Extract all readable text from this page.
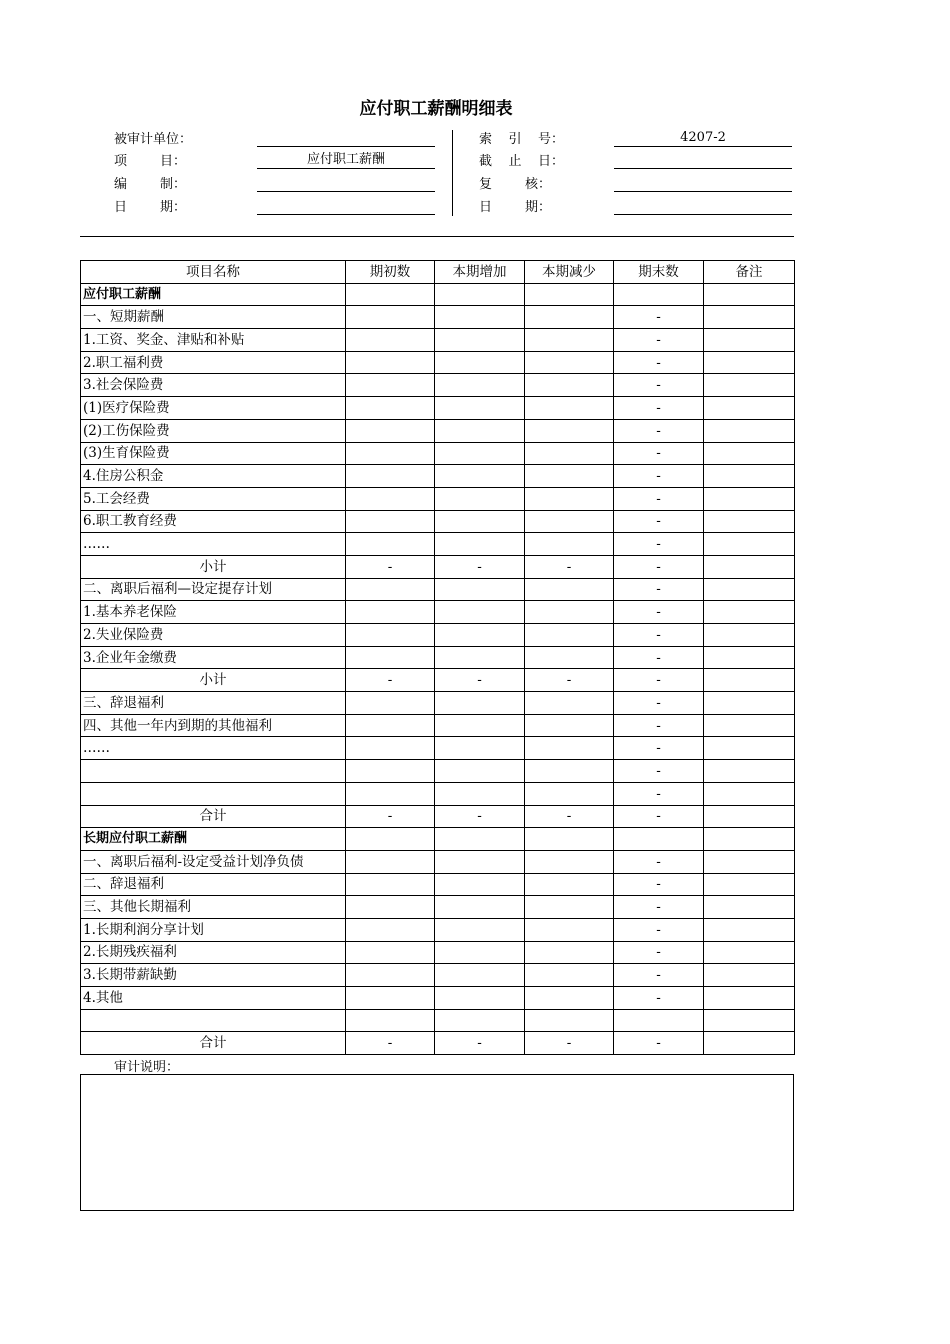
应付职工薪酬明细表
被审计单位：
项        目：	应付职工薪酬
编        制：
日        期：
索    引    号：	4207-2
截    止    日：
复        核：
日        期：
项目名称	期初数	本期增加	本期减少	期末数	备注
应付职工薪酬					
一、短期薪酬				-	
1.工资、奖金、津贴和补贴				-	
2.职工福利费				-	
3.社会保险费				-	
(1)医疗保险费				-	
(2)工伤保险费				-	
(3)生育保险费				-	
4.住房公积金				-	
5.工会经费				-	
6.职工教育经费				-	
……				-	
小计	-	-	-	-	
二、离职后福利—设定提存计划				-	
1.基本养老保险				-	
2.失业保险费				-	
3.企业年金缴费				-	
小计	-	-	-	-	
三、辞退福利				-	
四、其他一年内到期的其他福利				-	
……				-	
				-	
				-	
合计	-	-	-	-	
长期应付职工薪酬					
一、离职后福利-设定受益计划净负债				-	
二、辞退福利				-	
三、其他长期福利				-	
1.长期利润分享计划				-	
2.长期残疾福利				-	
3.长期带薪缺勤				-	
4.其他				-	

合计	-	-	-	-	
审计说明：
